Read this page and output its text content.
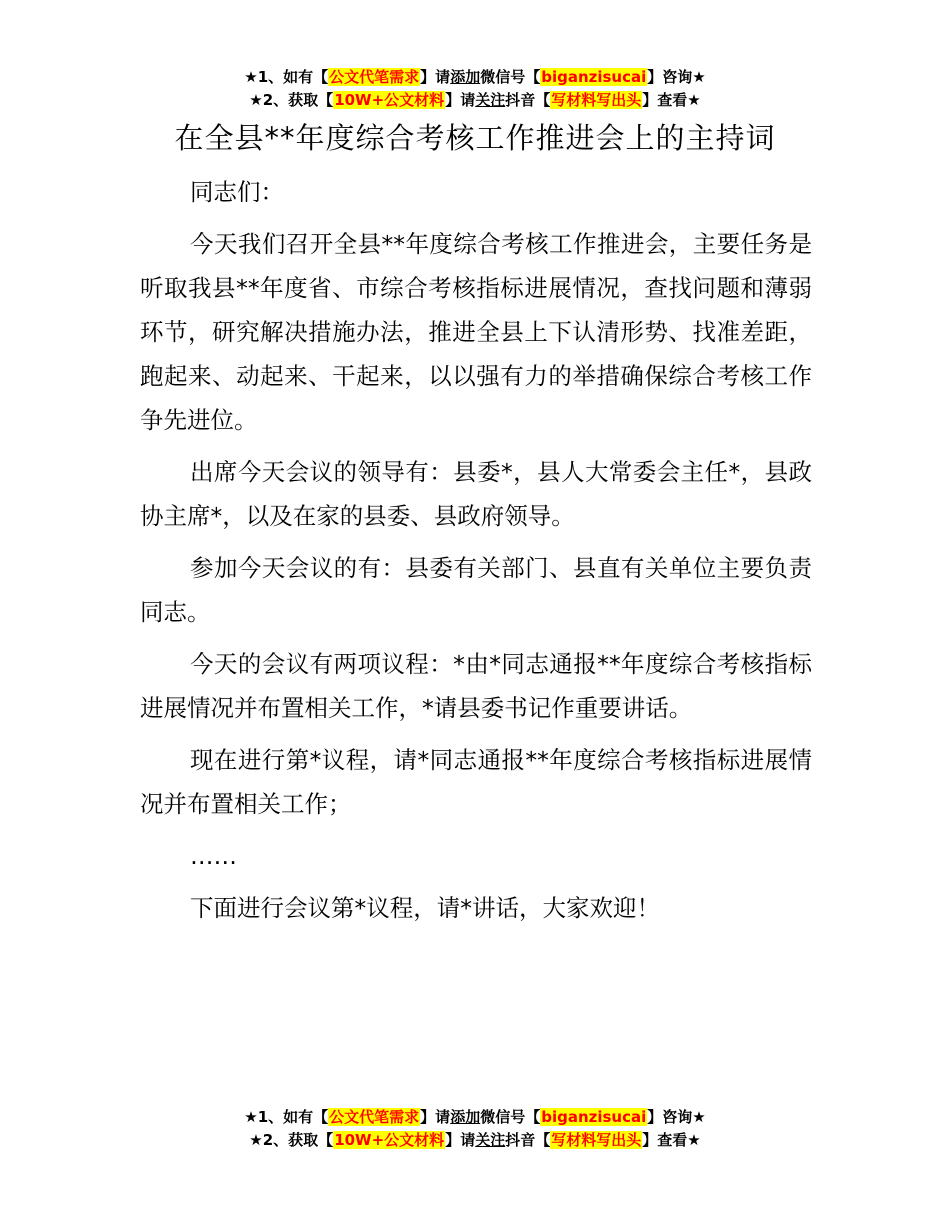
★1、如有【公文代笔需求】请添加微信号【biganzisucai】咨询★
★2、获取【10W+公文材料】请关注抖音【写材料写出头】查看★
在全县**年度综合考核工作推进会上的主持词

同志们：

今天我们召开全县**年度综合考核工作推进会，主要任务是听取我县**年度省、市综合考核指标进展情况，查找问题和薄弱环节，研究解决措施办法，推进全县上下认清形势、找准差距，跑起来、动起来、干起来，以以强有力的举措确保综合考核工作争先进位。

出席今天会议的领导有：县委*，县人大常委会主任*，县政协主席*，以及在家的县委、县政府领导。

参加今天会议的有：县委有关部门、县直有关单位主要负责同志。

今天的会议有两项议程：*由*同志通报**年度综合考核指标进展情况并布置相关工作，*请县委书记作重要讲话。

现在进行第*议程，请*同志通报**年度综合考核指标进展情况并布置相关工作；

……

下面进行会议第*议程，请*讲话，大家欢迎！

★1、如有【公文代笔需求】请添加微信号【biganzisucai】咨询★
★2、获取【10W+公文材料】请关注抖音【写材料写出头】查看★
